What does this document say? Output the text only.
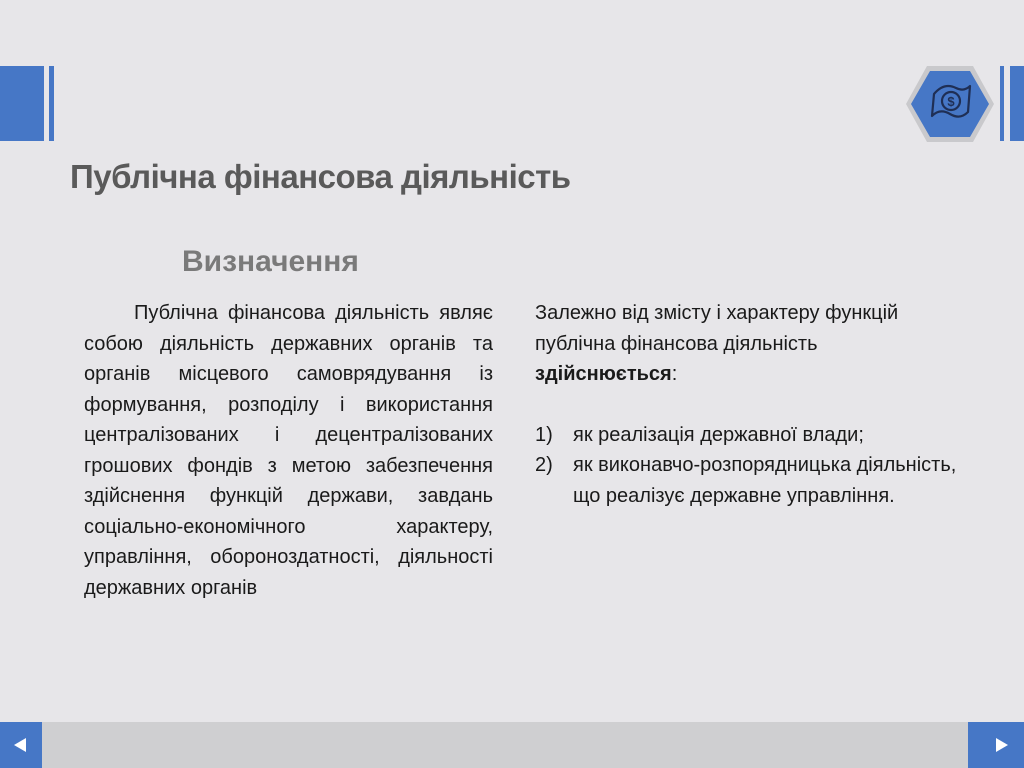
$
Публічна фінансова діяльність
Визначення

Публічна фінансова діяльність являє собою діяльність державних органів та органів місцевого самоврядування із формування, розподілу і використання централізованих і децентралізованих грошових фондів з метою забезпечення здійснення функцій держави, завдань соціально-економічного характеру, управління, обороноздатності, діяльності державних органів

Залежно від змісту і характеру функцій публічна фінансова діяльність здійснюється:

1) як реалізація державної влади;
2) як виконавчо-розпорядницька діяльність, що реалізує державне управління.
